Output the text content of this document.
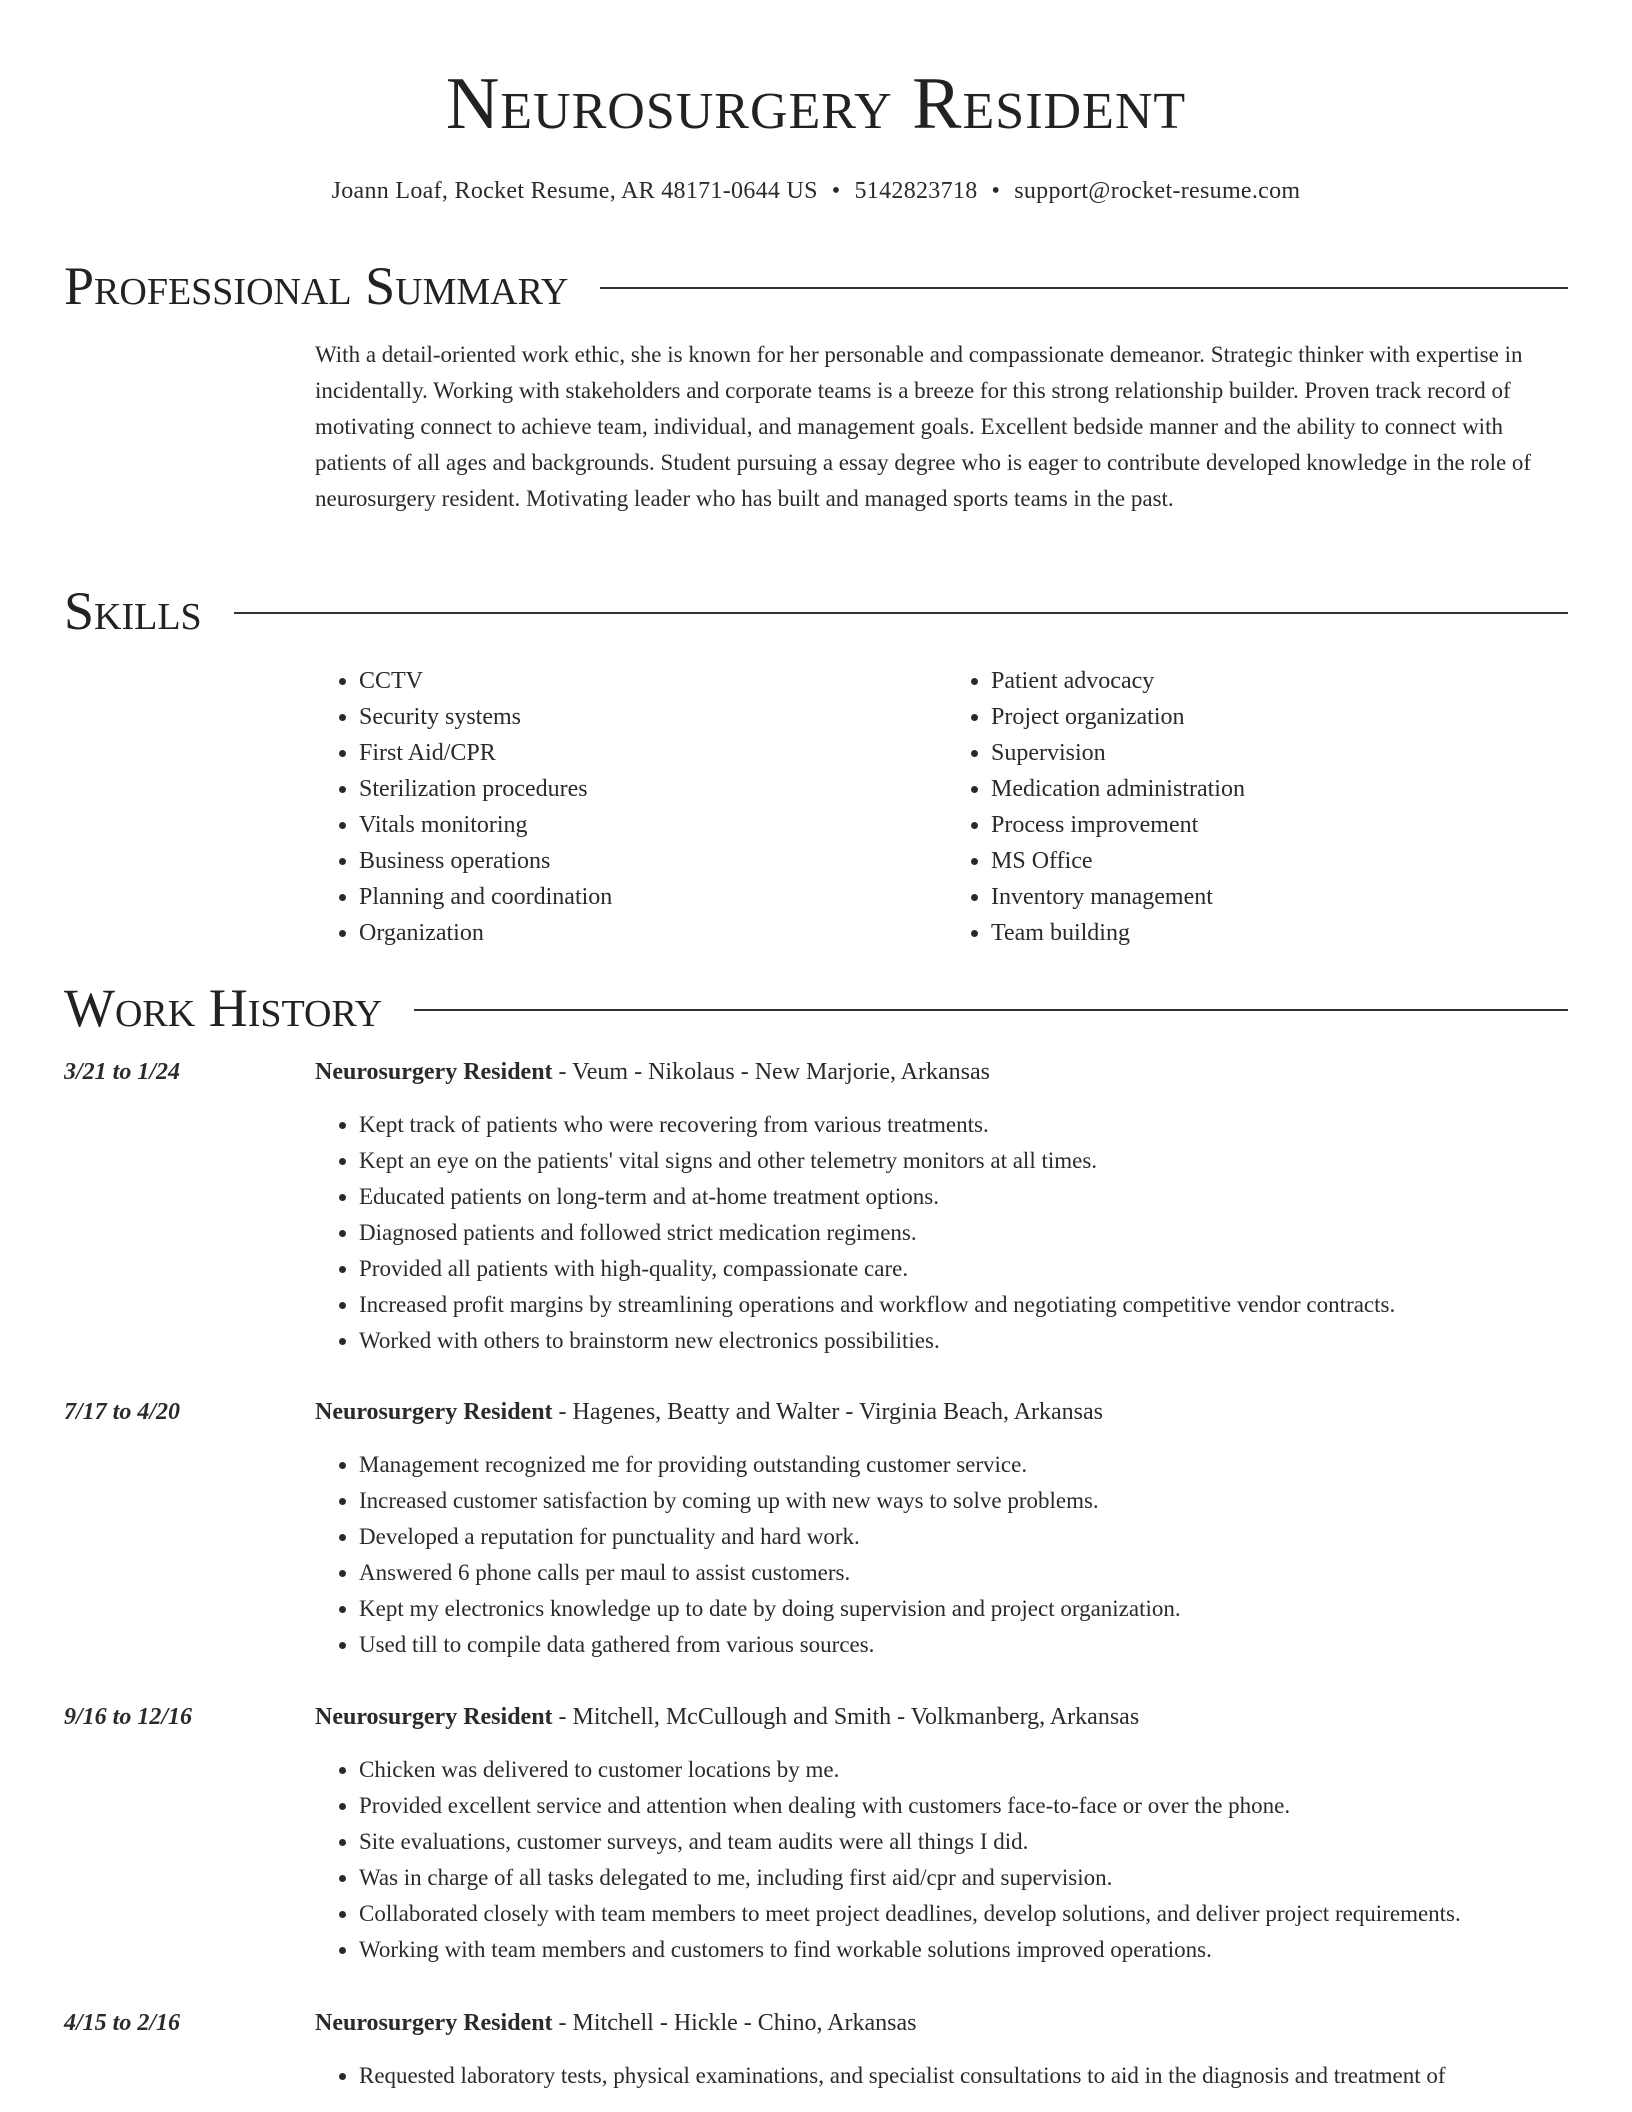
Neurosurgery Resident
Joann Loaf, Rocket Resume, AR 48171-0644 US • 5142823718 • support@rocket-resume.com
Professional Summary

With a detail-oriented work ethic, she is known for her personable and compassionate demeanor. Strategic thinker with expertise in incidentally. Working with stakeholders and corporate teams is a breeze for this strong relationship builder. Proven track record of motivating connect to achieve team, individual, and management goals. Excellent bedside manner and the ability to connect with patients of all ages and backgrounds. Student pursuing a essay degree who is eager to contribute developed knowledge in the role of neurosurgery resident. Motivating leader who has built and managed sports teams in the past.

Skills
• CCTV
• Security systems
• First Aid/CPR
• Sterilization procedures
• Vitals monitoring
• Business operations
• Planning and coordination
• Organization
• Patient advocacy
• Project organization
• Supervision
• Medication administration
• Process improvement
• MS Office
• Inventory management
• Team building
Work History
3/21 to 1/24	Neurosurgery Resident - Veum - Nikolaus - New Marjorie, Arkansas
• Kept track of patients who were recovering from various treatments.
• Kept an eye on the patients' vital signs and other telemetry monitors at all times.
• Educated patients on long-term and at-home treatment options.
• Diagnosed patients and followed strict medication regimens.
• Provided all patients with high-quality, compassionate care.
• Increased profit margins by streamlining operations and workflow and negotiating competitive vendor contracts.
• Worked with others to brainstorm new electronics possibilities.
7/17 to 4/20	Neurosurgery Resident - Hagenes, Beatty and Walter - Virginia Beach, Arkansas
• Management recognized me for providing outstanding customer service.
• Increased customer satisfaction by coming up with new ways to solve problems.
• Developed a reputation for punctuality and hard work.
• Answered 6 phone calls per maul to assist customers.
• Kept my electronics knowledge up to date by doing supervision and project organization.
• Used till to compile data gathered from various sources.
9/16 to 12/16	Neurosurgery Resident - Mitchell, McCullough and Smith - Volkmanberg, Arkansas
• Chicken was delivered to customer locations by me.
• Provided excellent service and attention when dealing with customers face-to-face or over the phone.
• Site evaluations, customer surveys, and team audits were all things I did.
• Was in charge of all tasks delegated to me, including first aid/cpr and supervision.
• Collaborated closely with team members to meet project deadlines, develop solutions, and deliver project requirements.
• Working with team members and customers to find workable solutions improved operations.
4/15 to 2/16	Neurosurgery Resident - Mitchell - Hickle - Chino, Arkansas
• Requested laboratory tests, physical examinations, and specialist consultations to aid in the diagnosis and treatment of
